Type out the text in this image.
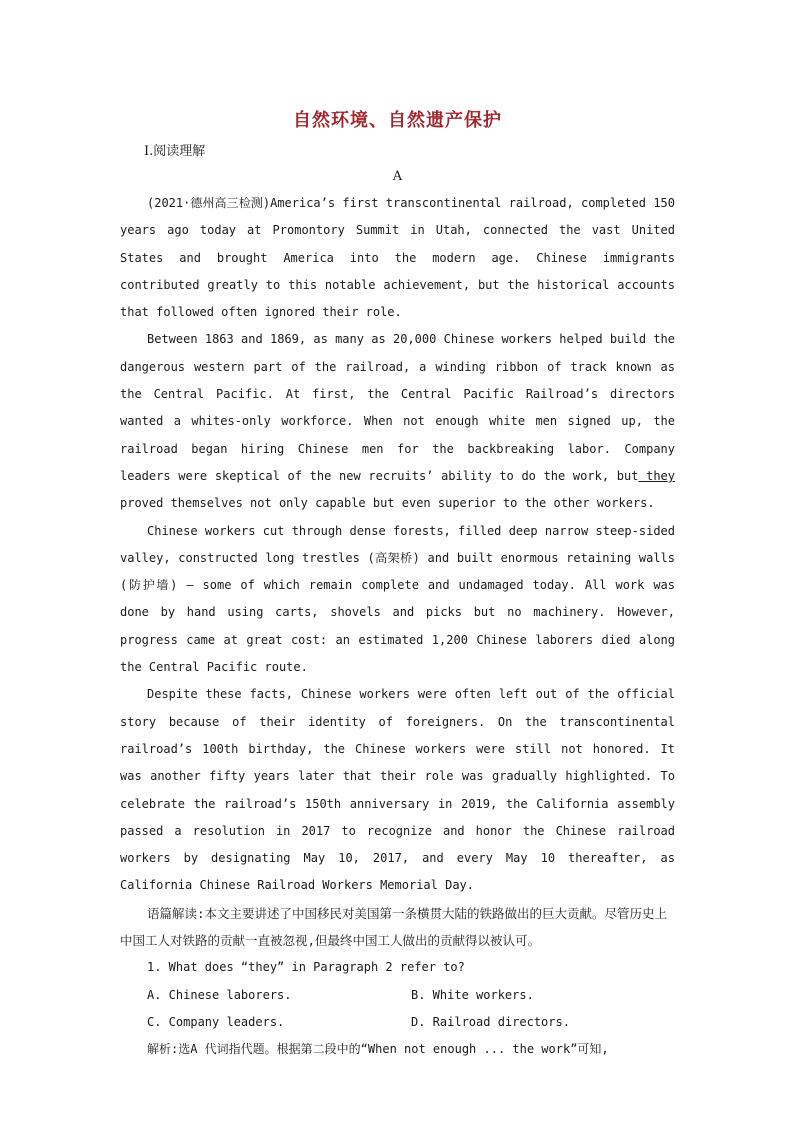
自然环境、自然遗产保护
Ⅰ.阅读理解
A

(2021·德州高三检测)America’s first transcontinental railroad, completed 150 years ago today at Promontory Summit in Utah, connected the vast United States and brought America into the modern age. Chinese immigrants contributed greatly to this notable achievement, but the historical accounts that followed often ignored their role.

Between 1863 and 1869, as many as 20,000 Chinese workers helped build the dangerous western part of the railroad, a winding ribbon of track known as the Central Pacific. At first, the Central Pacific Railroad’s directors wanted a whites-only workforce. When not enough white men signed up, the railroad began hiring Chinese men for the backbreaking labor. Company leaders were skeptical of the new recruits’ ability to do the work, but they proved themselves not only capable but even superior to the other workers.

Chinese workers cut through dense forests, filled deep narrow steep-sided valley, constructed long trestles (高架桥) and built enormous retaining walls (防护墙) — some of which remain complete and undamaged today. All work was done by hand using carts, shovels and picks but no machinery. However, progress came at great cost: an estimated 1,200 Chinese laborers died along the Central Pacific route.

Despite these facts, Chinese workers were often left out of the official story because of their identity of foreigners. On the transcontinental railroad’s 100th birthday, the Chinese workers were still not honored. It was another fifty years later that their role was gradually highlighted. To celebrate the railroad’s 150th anniversary in 2019, the California assembly passed a resolution in 2017 to recognize and honor the Chinese railroad workers by designating May 10, 2017, and every May 10 thereafter, as California Chinese Railroad Workers Memorial Day.

语篇解读:本文主要讲述了中国移民对美国第一条横贯大陆的铁路做出的巨大贡献。尽管历史上中国工人对铁路的贡献一直被忽视,但最终中国工人做出的贡献得以被认可。

1. What does “they” in Paragraph 2 refer to?

A. Chinese laborers.	B. White workers.
C. Company leaders.	D. Railroad directors.

解析:选A 代词指代题。根据第二段中的“When not enough ... the work”可知,
